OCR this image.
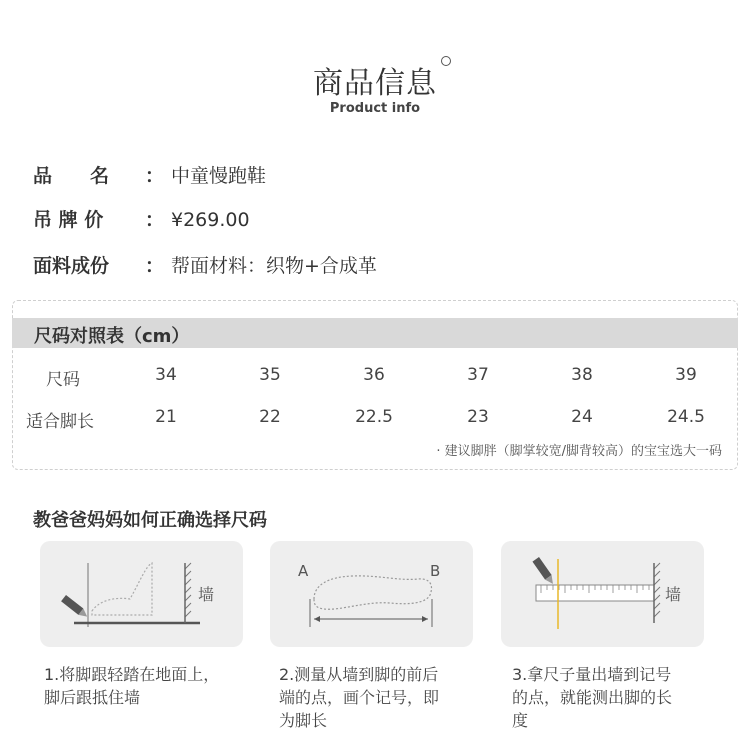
商品信息
Product info
品　　名 ： 中童慢跑鞋
吊 牌 价 ： ¥269.00
面料成份 ： 帮面材料：织物+合成革
尺码对照表（cm）
尺码	34	35	36	37	38	39
适合脚长	21	22	22.5	23	24	24.5
· 建议脚胖（脚掌较宽/脚背较高）的宝宝选大一码
教爸爸妈妈如何正确选择尺码
墙
A	B
墙
1.将脚跟轻踏在地面上，
脚后跟抵住墙
2.测量从墙到脚的前后
端的点，画个记号，即
为脚长
3.拿尺子量出墙到记号
的点，就能测出脚的长
度
